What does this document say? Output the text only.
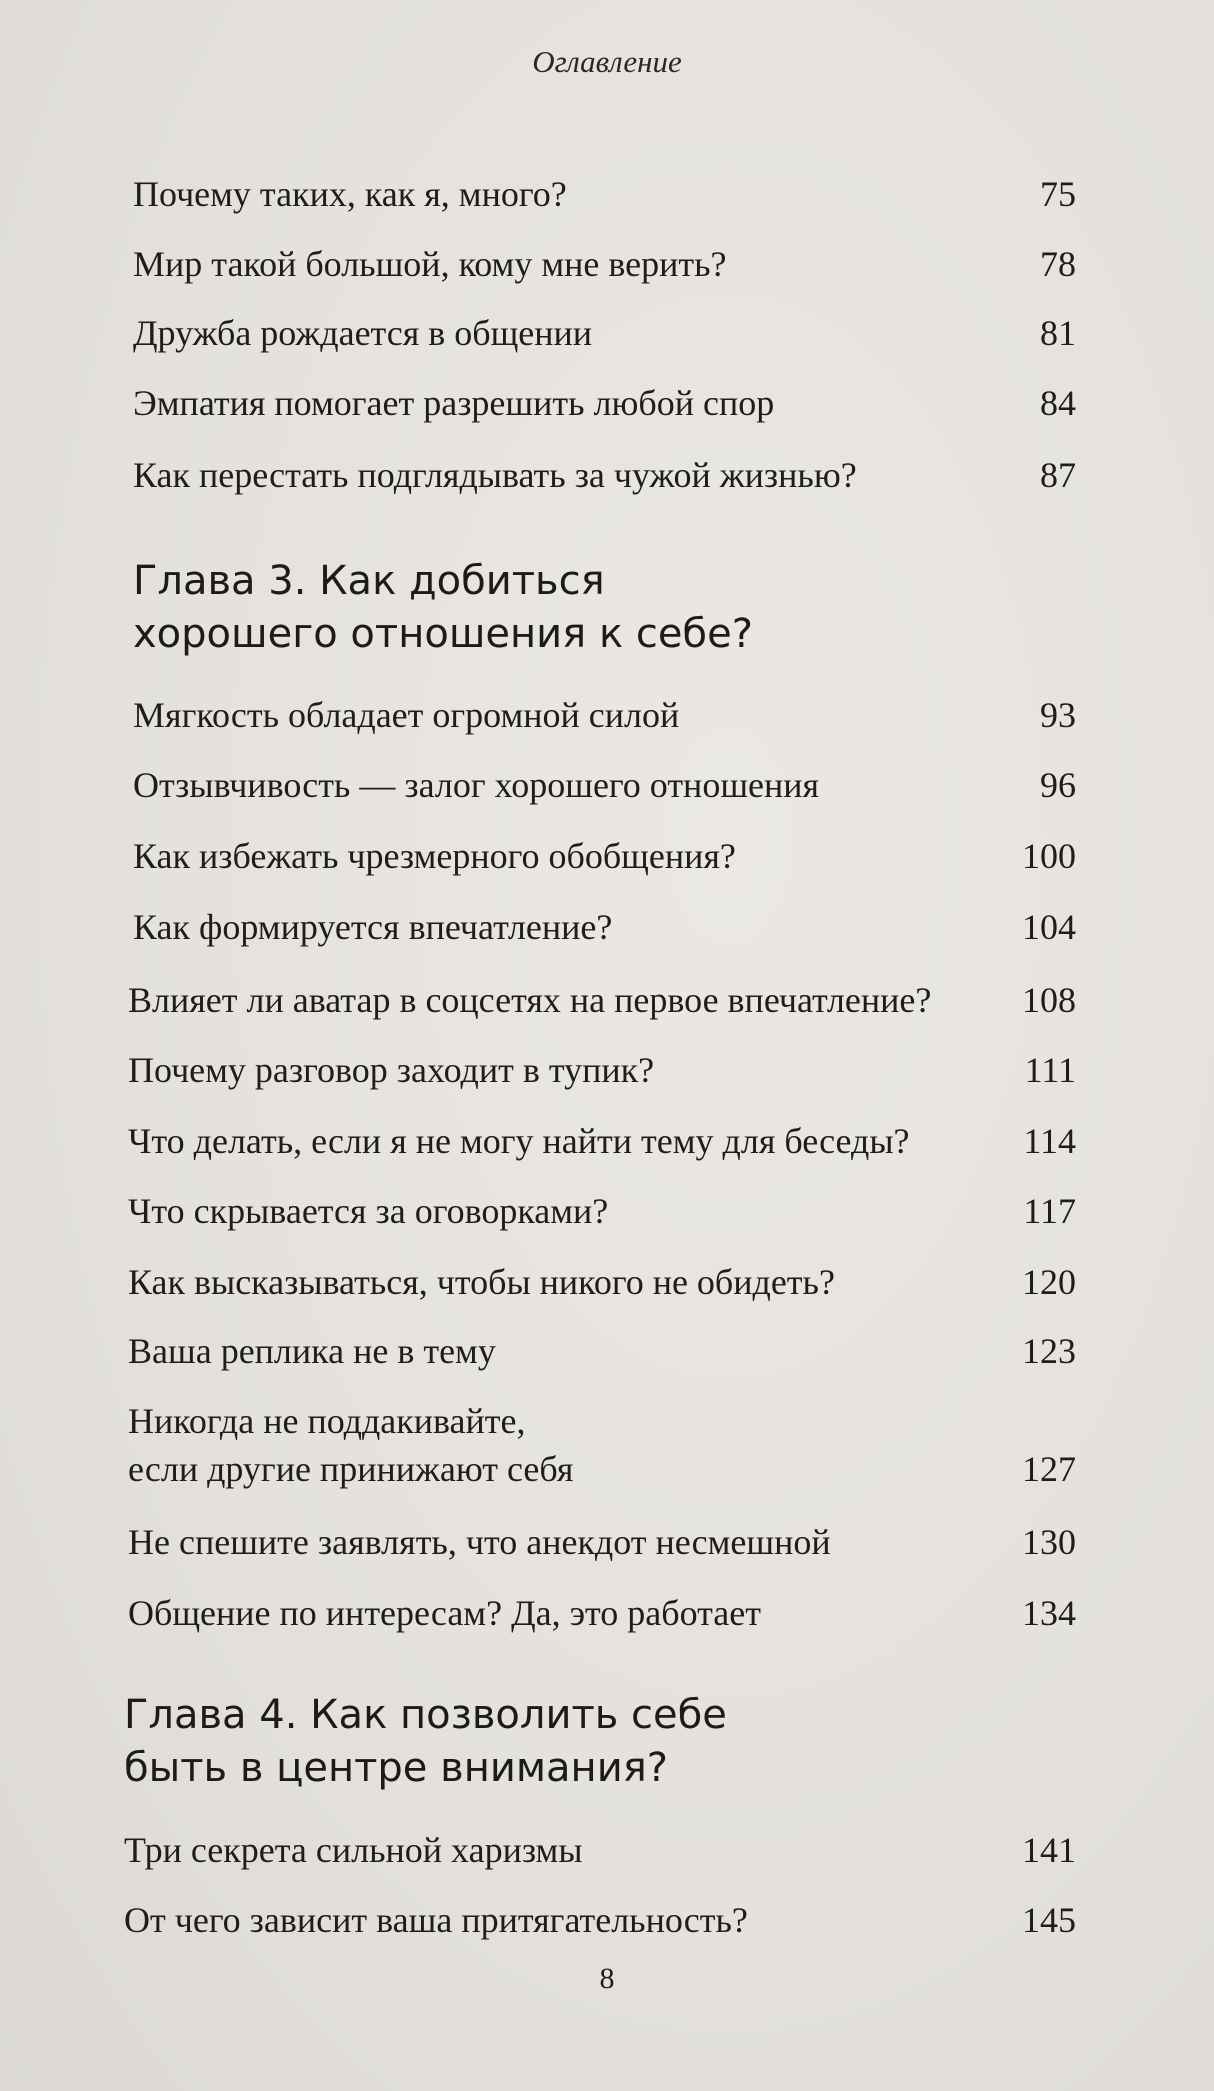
Оглавление
Почему таких, как я, много?	75
Мир такой большой, кому мне верить?	78
Дружба рождается в общении	81
Эмпатия помогает разрешить любой спор	84
Как перестать подглядывать за чужой жизнью?	87
Глава 3. Как добиться
хорошего отношения к себе?
Мягкость обладает огромной силой	93
Отзывчивость — залог хорошего отношения	96
Как избежать чрезмерного обобщения?	100
Как формируется впечатление?	104
Влияет ли аватар в соцсетях на первое впечатление?	108
Почему разговор заходит в тупик?	111
Что делать, если я не могу найти тему для беседы?	114
Что скрывается за оговорками?	117
Как высказываться, чтобы никого не обидеть?	120
Ваша реплика не в тему	123
Никогда не поддакивайте,
если другие принижают себя	127
Не спешите заявлять, что анекдот несмешной	130
Общение по интересам? Да, это работает	134
Глава 4. Как позволить себе
быть в центре внимания?
Три секрета сильной харизмы	141
От чего зависит ваша притягательность?	145
8
